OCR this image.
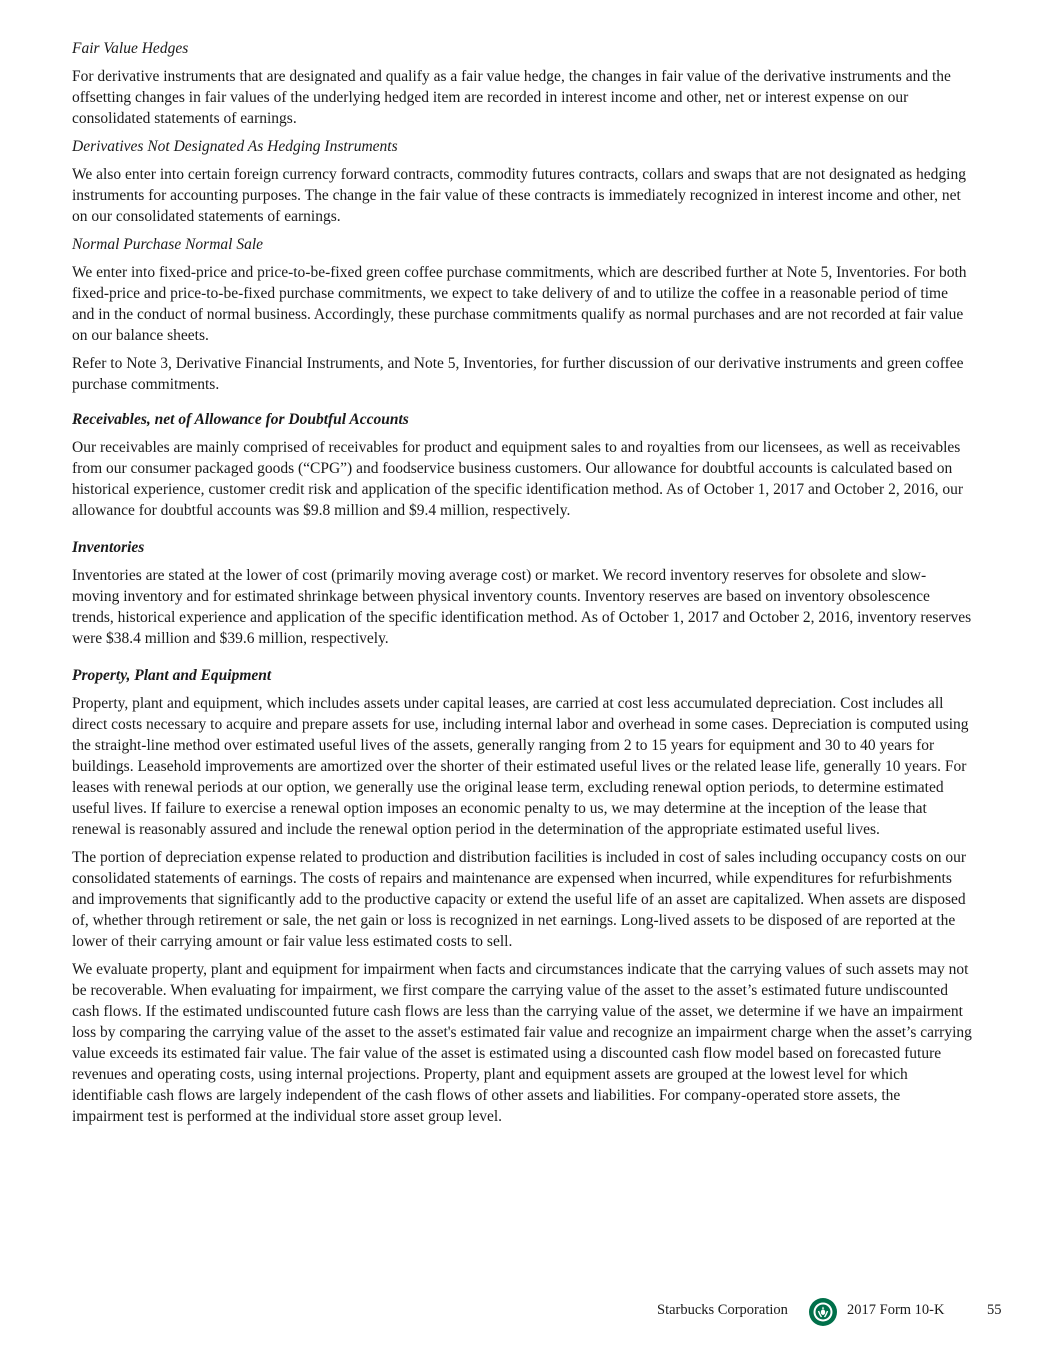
Fair Value Hedges

For derivative instruments that are designated and qualify as a fair value hedge, the changes in fair value of the derivative instruments and the offsetting changes in fair values of the underlying hedged item are recorded in interest income and other, net or interest expense on our consolidated statements of earnings.

Derivatives Not Designated As Hedging Instruments

We also enter into certain foreign currency forward contracts, commodity futures contracts, collars and swaps that are not designated as hedging instruments for accounting purposes. The change in the fair value of these contracts is immediately recognized in interest income and other, net on our consolidated statements of earnings.

Normal Purchase Normal Sale

We enter into fixed-price and price-to-be-fixed green coffee purchase commitments, which are described further at Note 5, Inventories. For both fixed-price and price-to-be-fixed purchase commitments, we expect to take delivery of and to utilize the coffee in a reasonable period of time and in the conduct of normal business. Accordingly, these purchase commitments qualify as normal purchases and are not recorded at fair value on our balance sheets.

Refer to Note 3, Derivative Financial Instruments, and Note 5, Inventories, for further discussion of our derivative instruments and green coffee purchase commitments.

Receivables, net of Allowance for Doubtful Accounts

Our receivables are mainly comprised of receivables for product and equipment sales to and royalties from our licensees, as well as receivables from our consumer packaged goods (“CPG”) and foodservice business customers. Our allowance for doubtful accounts is calculated based on historical experience, customer credit risk and application of the specific identification method. As of October 1, 2017 and October 2, 2016, our allowance for doubtful accounts was $9.8 million and $9.4 million, respectively.

Inventories

Inventories are stated at the lower of cost (primarily moving average cost) or market. We record inventory reserves for obsolete and slow-moving inventory and for estimated shrinkage between physical inventory counts. Inventory reserves are based on inventory obsolescence trends, historical experience and application of the specific identification method. As of October 1, 2017 and October 2, 2016, inventory reserves were $38.4 million and $39.6 million, respectively.

Property, Plant and Equipment

Property, plant and equipment, which includes assets under capital leases, are carried at cost less accumulated depreciation. Cost includes all direct costs necessary to acquire and prepare assets for use, including internal labor and overhead in some cases. Depreciation is computed using the straight-line method over estimated useful lives of the assets, generally ranging from 2 to 15 years for equipment and 30 to 40 years for buildings. Leasehold improvements are amortized over the shorter of their estimated useful lives or the related lease life, generally 10 years. For leases with renewal periods at our option, we generally use the original lease term, excluding renewal option periods, to determine estimated useful lives. If failure to exercise a renewal option imposes an economic penalty to us, we may determine at the inception of the lease that renewal is reasonably assured and include the renewal option period in the determination of the appropriate estimated useful lives.

The portion of depreciation expense related to production and distribution facilities is included in cost of sales including occupancy costs on our consolidated statements of earnings. The costs of repairs and maintenance are expensed when incurred, while expenditures for refurbishments and improvements that significantly add to the productive capacity or extend the useful life of an asset are capitalized. When assets are disposed of, whether through retirement or sale, the net gain or loss is recognized in net earnings. Long-lived assets to be disposed of are reported at the lower of their carrying amount or fair value less estimated costs to sell.

We evaluate property, plant and equipment for impairment when facts and circumstances indicate that the carrying values of such assets may not be recoverable. When evaluating for impairment, we first compare the carrying value of the asset to the asset’s estimated future undiscounted cash flows. If the estimated undiscounted future cash flows are less than the carrying value of the asset, we determine if we have an impairment loss by comparing the carrying value of the asset to the asset's estimated fair value and recognize an impairment charge when the asset’s carrying value exceeds its estimated fair value. The fair value of the asset is estimated using a discounted cash flow model based on forecasted future revenues and operating costs, using internal projections. Property, plant and equipment assets are grouped at the lowest level for which identifiable cash flows are largely independent of the cash flows of other assets and liabilities. For company-operated store assets, the impairment test is performed at the individual store asset group level.

Starbucks Corporation	2017 Form 10-K	55
